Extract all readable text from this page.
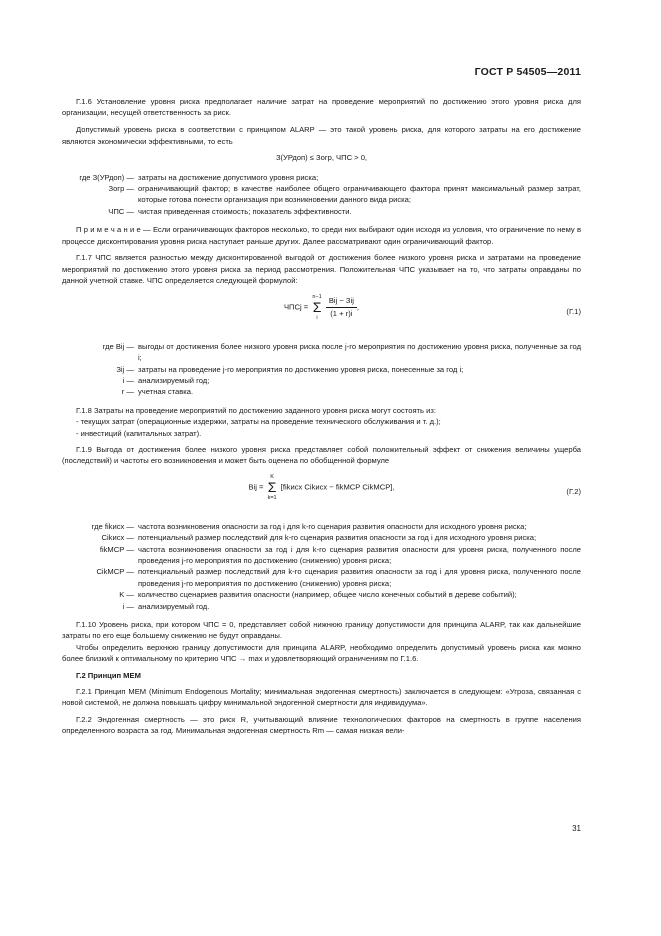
ГОСТ Р 54505—2011

Г.1.6 Установление уровня риска предполагает наличие затрат на проведение мероприятий по достижению этого уровня риска для организации, несущей ответственность за риск.

Допустимый уровень риска в соответствии с принципом ALARP — это такой уровень риска, для которого затраты на его достижение являются экономически эффективными, то есть

З(УРдоп) ≤ Зогр, ЧПС > 0,
где З(УРдоп) — затраты на достижение допустимого уровня риска;
Зогр — ограничивающий фактор; в качестве наиболее общего ограничивающего фактора принят максимальный размер затрат, которые готова понести организация при возникновении данного вида риска;
ЧПС — чистая приведенная стоимость; показатель эффективности.

П р и м е ч а н и е — Если ограничивающих факторов несколько, то среди них выбирают один исходя из условия, что ограничение по нему в процессе дисконтирования уровня риска наступает раньше других. Далее рассматривают один ограничивающий фактор.

Г.1.7 ЧПС является разностью между дисконтированной выгодой от достижения более низкого уровня риска и затратами на проведение мероприятий по достижению этого уровня риска за период рассмотрения. Положительная ЧПС указывает на то, что затраты оправданы по данной учетной ставке. ЧПС определяется следующей формулой:

ЧПСj =
n−1
Σ
i
	$\frac{\text{Bij − Зij}}{(1 + r)i}$ ,	(Г.1)
где Bij — выгоды от достижения более низкого уровня риска после j-го мероприятия по достижению уровня риска, полученные за год i;
Зij — затраты на проведение j-го мероприятия по достижению уровня риска, понесенные за год i;
i — анализируемый год;
r — учетная ставка.

Г.1.8 Затраты на проведение мероприятий по достижению заданного уровня риска могут состоять из:

- текущих затрат (операционные издержки, затраты на проведение технического обслуживания и т. д.);
- инвестиций (капитальных затрат).

Г.1.9 Выгода от достижения более низкого уровня риска представляет собой положительный эффект от снижения величины ущерба (последствий) и частоты его возникновения и может быть оценена по обобщенной формуле

Bij =
K
Σ
k=1
[fikисх Cikисх − fikМСР CikМСР],	(Г.2)
где fikисх — частота возникновения опасности за год i для k-го сценария развития опасности для исходного уровня риска;
Cikисх — потенциальный размер последствий для k-го сценария развития опасности за год i для исходного уровня риска;
fikМСР — частота возникновения опасности за год i для k-го сценария развития опасности для уровня риска, полученного после проведения j-го мероприятия по достижению (снижению) уровня риска;
CikМСР — потенциальный размер последствий для k-го сценария развития опасности за год i для уровня риска, полученного после проведения j-го мероприятия по достижению (снижению) уровня риска;
K — количество сценариев развития опасности (например, общее число конечных событий в дереве событий);
i — анализируемый год.

Г.1.10 Уровень риска, при котором ЧПС = 0, представляет собой нижнюю границу допустимости для принципа ALARP, так как дальнейшие затраты по его еще большему снижению не будут оправданы.

Чтобы определить верхнюю границу допустимости для принципа ALARP, необходимо определить допустимый уровень риска как можно более близкий к оптимальному по критерию ЧПС → max и удовлетворяющий ограничениям по Г.1.6.

Г.2 Принцип МЕМ

Г.2.1 Принцип МЕМ (Minimum Endogenous Mortality; минимальная эндогенная смертность) заключается в следующем: «Угроза, связанная с новой системой, не должна повышать цифру минимальной эндогенной смертности для индивидуума».

Г.2.2 Эндогенная смертность — это риск R, учитывающий влияние технологических факторов на смертность в группе населения определенного возраста за год. Минимальная эндогенная смертность Rm — самая низкая вели-

31
